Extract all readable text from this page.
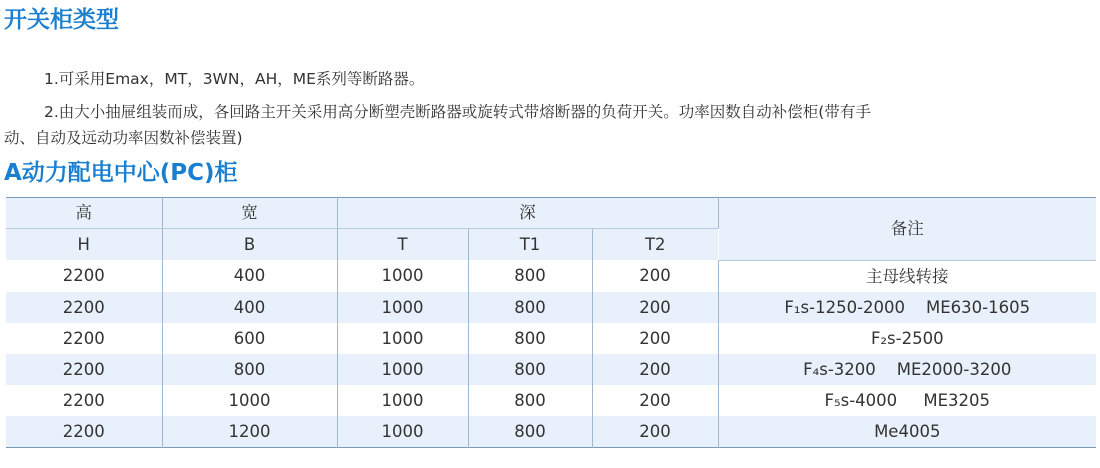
开关柜类型

1.可采用Emax，MT，3WN，AH，ME系列等断路器。

2.由大小抽屉组装而成，各回路主开关采用高分断塑壳断路器或旋转式带熔断器的负荷开关。功率因数自动补偿柜(带有手

动、自动及远动功率因数补偿装置)

A动力配电中心(PC)柜
高	宽	深			备注
H	B	T	T1	T2	
2200	400	1000	800	200	主母线转接
2200	400	1000	800	200	F₁s-1250-2000    ME630-1605
2200	600	1000	800	200	F₂s-2500
2200	800	1000	800	200	F₄s-3200    ME2000-3200
2200	1000	1000	800	200	F₅s-4000     ME3205
2200	1200	1000	800	200	Me4005
